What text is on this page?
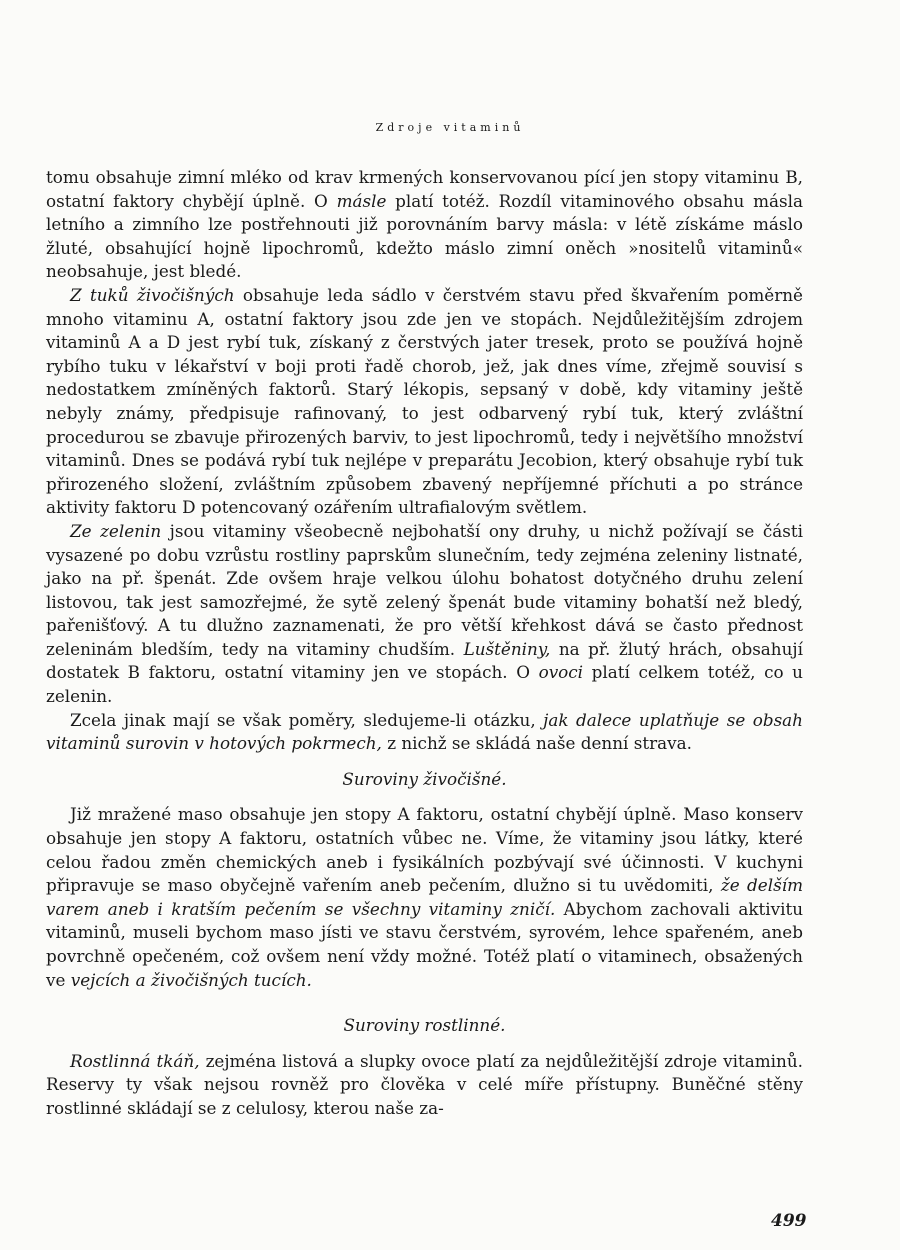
Zdroje vitaminů

tomu obsahuje zimní mléko od krav krmených konservovanou pící jen stopy vitaminu B, ostatní faktory chybějí úplně. O másle platí totéž. Rozdíl vitaminového obsahu másla letního a zimního lze postřehnouti již porovnáním barvy másla: v létě získáme máslo žluté, obsahující hojně lipochromů, kdežto máslo zimní oněch »nositelů vitaminů« neobsahuje, jest bledé.

Z tuků živočišných obsahuje leda sádlo v čerstvém stavu před škvařením poměrně mnoho vitaminu A, ostatní faktory jsou zde jen ve stopách. Nejdůležitějším zdrojem vitaminů A a D jest rybí tuk, získaný z čerstvých jater tresek, proto se používá hojně rybího tuku v lékařství v boji proti řadě chorob, jež, jak dnes víme, zřejmě souvisí s nedostatkem zmíněných faktorů. Starý lékopis, sepsaný v době, kdy vitaminy ještě nebyly známy, předpisuje rafinovaný, to jest odbarvený rybí tuk, který zvláštní procedurou se zbavuje přirozených barviv, to jest lipochromů, tedy i největšího množství vitaminů. Dnes se podává rybí tuk nejlépe v preparátu Jecobion, který obsahuje rybí tuk přirozeného složení, zvláštním způsobem zbavený nepříjemné příchuti a po stránce aktivity faktoru D potencovaný ozářením ultrafialovým světlem.

Ze zelenin jsou vitaminy všeobecně nejbohatší ony druhy, u nichž požívají se části vysazené po dobu vzrůstu rostliny paprskům slunečním, tedy zejména zeleniny listnaté, jako na př. špenát. Zde ovšem hraje velkou úlohu bohatost dotyčného druhu zelení listovou, tak jest samozřejmé, že sytě zelený špenát bude vitaminy bohatší než bledý, pařenišťový. A tu dlužno zaznamenati, že pro větší křehkost dává se často přednost zeleninám bledším, tedy na vitaminy chudším. Luštěniny, na př. žlutý hrách, obsahují dostatek B faktoru, ostatní vitaminy jen ve stopách. O ovoci platí celkem totéž, co u zelenin.

Zcela jinak mají se však poměry, sledujeme-li otázku, jak dalece uplatňuje se obsah vitaminů surovin v hotových pokrmech, z nichž se skládá naše denní strava.

Suroviny živočišné.

Již mražené maso obsahuje jen stopy A faktoru, ostatní chybějí úplně. Maso konserv obsahuje jen stopy A faktoru, ostatních vůbec ne. Víme, že vitaminy jsou látky, které celou řadou změn chemických aneb i fysikálních pozbývají své účinnosti. V kuchyni připravuje se maso obyčejně vařením aneb pečením, dlužno si tu uvědomiti, že delším varem aneb i kratším pečením se všechny vitaminy zničí. Abychom zachovali aktivitu vitaminů, museli bychom maso jísti ve stavu čerstvém, syrovém, lehce spařeném, aneb povrchně opečeném, což ovšem není vždy možné. Totéž platí o vitaminech, obsažených ve vejcích a živočišných tucích.

Suroviny rostlinné.

Rostlinná tkáň, zejména listová a slupky ovoce platí za nejdůležitější zdroje vitaminů. Reservy ty však nejsou rovněž pro člověka v celé míře přístupny. Buněčné stěny rostlinné skládají se z celulosy, kterou naše za-

499
